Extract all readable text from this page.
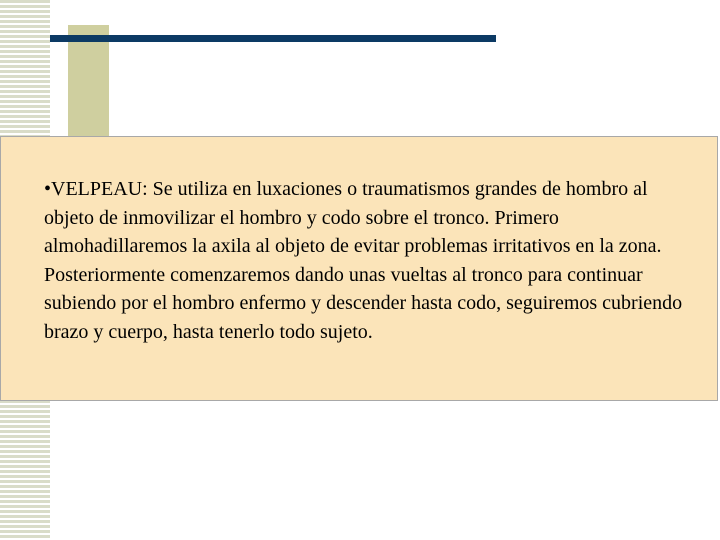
•VELPEAU: Se utiliza en luxaciones o traumatismos grandes de hombro al objeto de inmovilizar el hombro y codo sobre el tronco. Primero almohadillaremos la axila al objeto de evitar problemas irritativos en la zona. Posteriormente comenzaremos dando unas vueltas al tronco para continuar subiendo por el hombro enfermo y descender hasta codo, seguiremos cubriendo brazo y cuerpo, hasta tenerlo todo sujeto.
